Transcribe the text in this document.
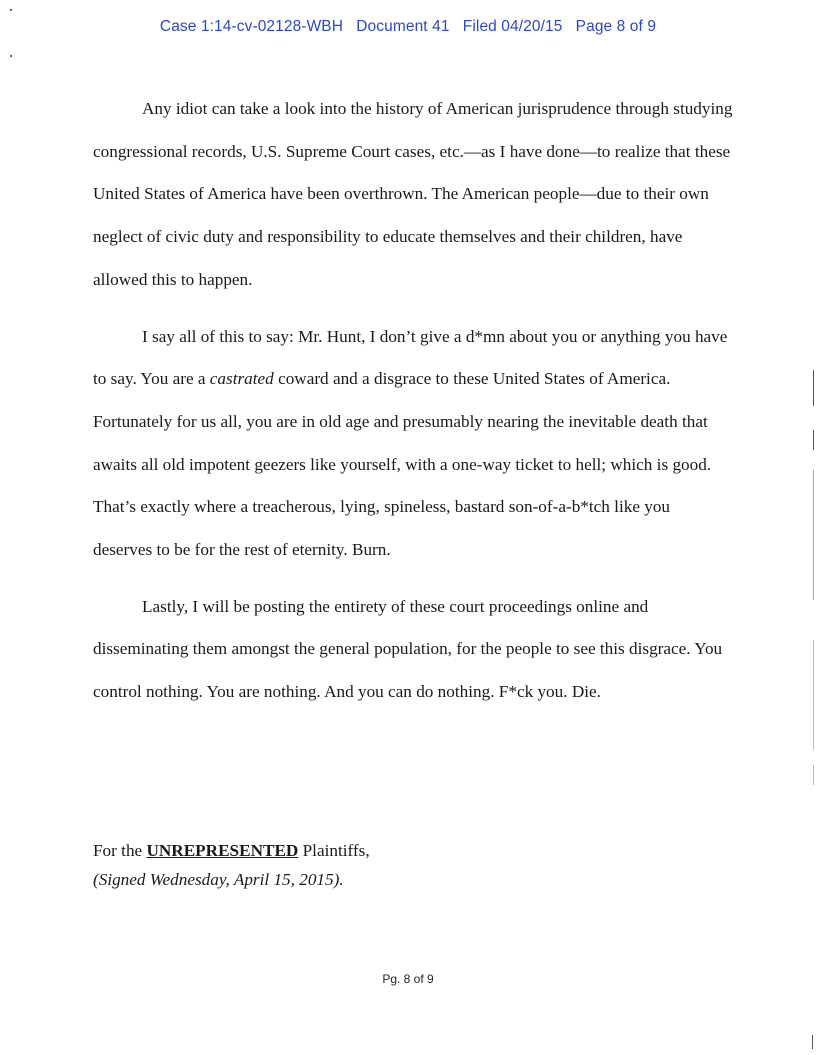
Case 1:14-cv-02128-WBH Document 41 Filed 04/20/15 Page 8 of 9

Any idiot can take a look into the history of American jurisprudence through studying congressional records, U.S. Supreme Court cases, etc.—as I have done—to realize that these United States of America have been overthrown. The American people—due to their own neglect of civic duty and responsibility to educate themselves and their children, have allowed this to happen.

I say all of this to say: Mr. Hunt, I don’t give a d*mn about you or anything you have to say. You are a castrated coward and a disgrace to these United States of America. Fortunately for us all, you are in old age and presumably nearing the inevitable death that awaits all old impotent geezers like yourself, with a one-way ticket to hell; which is good. That’s exactly where a treacherous, lying, spineless, bastard son-of-a-b*tch like you deserves to be for the rest of eternity. Burn.

Lastly, I will be posting the entirety of these court proceedings online and disseminating them amongst the general population, for the people to see this disgrace. You control nothing. You are nothing. And you can do nothing. F*ck you. Die.

For the UNREPRESENTED Plaintiffs,
(Signed Wednesday, April 15, 2015).
Pg. 8 of 9
